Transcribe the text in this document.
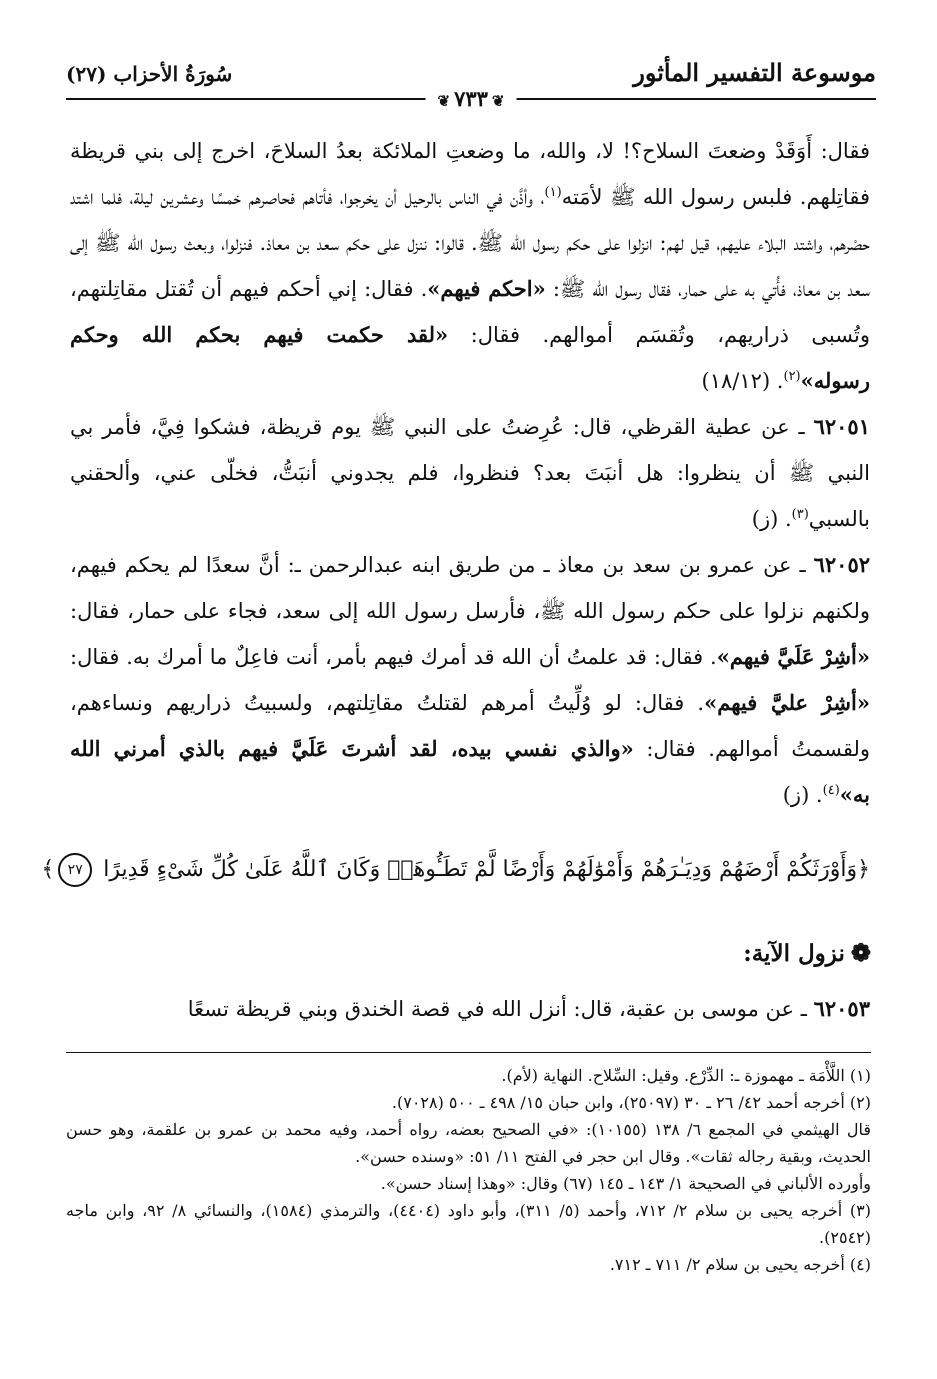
موسوعة التفسير المأثور
سُورَةُ الأحزاب (٢٧)
❦٧٣٣❦

فقال: أَوَقَدْ وضعتَ السلاح؟! لا، والله، ما وضعتِ الملائكة بعدُ السلاحَ، اخرج إلى بني قريظة فقاتِلهم. فلبس رسول الله ﷺ لأمَته$^{(١)}$، وأذَّن في الناس بالرحيل أن يخرجوا، فأتاهم فحاصرهم خمسًا وعشرين ليلة، فلما اشتد حصْرهم، واشتد البلاء عليهم، قيل لهم: انزلوا على حكم رسول الله ﷺ. قالوا: ننزل على حكم سعد بن معاذ. فنزلوا، وبعث رسول الله ﷺ إلى سعد بن معاذ، فأُتي به على حمار، فقال رسول الله ﷺ: «احكم فيهم». فقال: إني أحكم فيهم أن تُقتل مقاتِلتهم، وتُسبى ذراريهم، وتُقسَم أموالهم. فقال: «لقد حكمت فيهم بحكم الله وحكم رسوله»$^{(٢)}$. (١٨/١٢)

٦٢٠٥١ ـ عن عطية القرظي، قال: عُرِضتُ على النبي ﷺ يوم قريظة، فشكوا فِيَّ، فأمر بي النبي ﷺ أن ينظروا: هل أنبَتَ بعد؟ فنظروا، فلم يجدوني أنبَتُّ، فخلّى عني، وألحقني بالسبي$^{(٣)}$. (ز)

٦٢٠٥٢ ـ عن عمرو بن سعد بن معاذ ـ من طريق ابنه عبدالرحمن ـ: أنَّ سعدًا لم يحكم فيهم، ولكنهم نزلوا على حكم رسول الله ﷺ، فأرسل رسول الله إلى سعد، فجاء على حمار، فقال: «أشِرْ عَلَيَّ فيهم». فقال: قد علمتُ أن الله قد أمرك فيهم بأمر، أنت فاعِلٌ ما أمرك به. فقال: «أشِرْ عليَّ فيهم». فقال: لو وُلِّيتُ أمرهم لقتلتُ مقاتِلتهم، ولسبيتُ ذراريهم ونساءهم، ولقسمتُ أموالهم. فقال: «والذي نفسي بيده، لقد أشرتَ عَلَيَّ فيهم بالذي أمرني الله به»$^{(٤)}$. (ز)

﴿وَأَوْرَثَكُمْ أَرْضَهُمْ وَدِيَـٰرَهُمْ وَأَمْوَٰلَهُمْ وَأَرْضًا لَّمْ تَطَـُٔوهَاۚ وَكَانَ ٱللَّهُ عَلَىٰ كُلِّ شَىْءٍ قَدِيرًا ٢٧﴾
❁نزول الآية:

٦٢٠٥٣ ـ عن موسى بن عقبة، قال: أنزل الله في قصة الخندق وبني قريظة تسعًا

(١) اللَّأْمَة ـ مهموزة ـ: الدِّرْع. وقيل: السِّلاح. النهاية (لأم).

(٢) أخرجه أحمد ٤٢/ ٢٦ ـ ٣٠ (٢٥٠٩٧)، وابن حبان ١٥/ ٤٩٨ ـ ٥٠٠ (٧٠٢٨).

قال الهيثمي في المجمع ٦/ ١٣٨ (١٠١٥٥): «في الصحيح بعضه، رواه أحمد، وفيه محمد بن عمرو بن علقمة، وهو حسن الحديث، وبقية رجاله ثقات». وقال ابن حجر في الفتح ١١/ ٥١: «وسنده حسن».

وأورده الألباني في الصحيحة ١/ ١٤٣ ـ ١٤٥ (٦٧) وقال: «وهذا إسناد حسن».

(٣) أخرجه يحيى بن سلام ٢/ ٧١٢، وأحمد (٥/ ٣١١)، وأبو داود (٤٤٠٤)، والترمذي (١٥٨٤)، والنسائي ٨/ ٩٢، وابن ماجه (٢٥٤٢).

(٤) أخرجه يحيى بن سلام ٢/ ٧١١ ـ ٧١٢.
